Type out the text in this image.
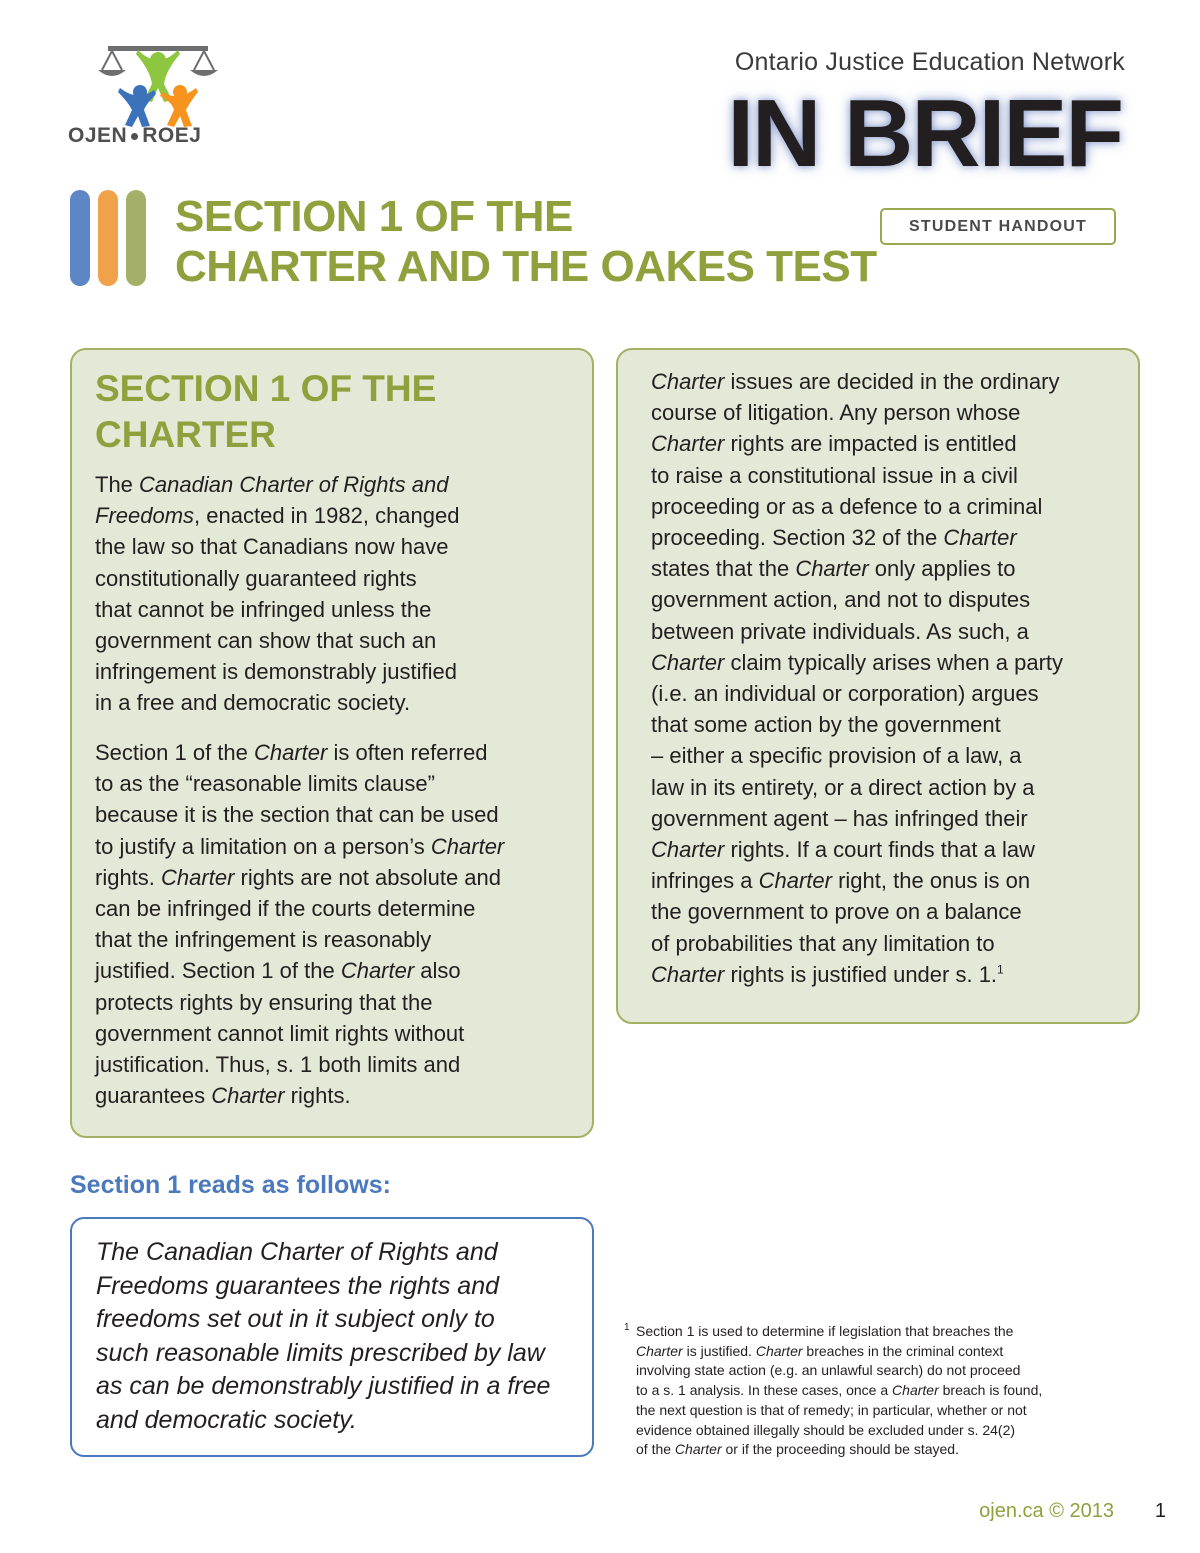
OJEN ROEJ
Ontario Justice Education Network
IN BRIEF
STUDENT HANDOUT
SECTION 1 OF THE
CHARTER AND THE OAKES TEST
SECTION 1 OF THE
CHARTER
The Canadian Charter of Rights and
Freedoms, enacted in 1982, changed
the law so that Canadians now have
constitutionally guaranteed rights
that cannot be infringed unless the
government can show that such an
infringement is demonstrably justified
in a free and democratic society.
Section 1 of the Charter is often referred
to as the “reasonable limits clause”
because it is the section that can be used
to justify a limitation on a person’s Charter
rights. Charter rights are not absolute and
can be infringed if the courts determine
that the infringement is reasonably
justified. Section 1 of the Charter also
protects rights by ensuring that the
government cannot limit rights without
justification. Thus, s. 1 both limits and
guarantees Charter rights.
Charter issues are decided in the ordinary
course of litigation. Any person whose
Charter rights are impacted is entitled
to raise a constitutional issue in a civil
proceeding or as a defence to a criminal
proceeding. Section 32 of the Charter
states that the Charter only applies to
government action, and not to disputes
between private individuals. As such, a
Charter claim typically arises when a party
(i.e. an individual or corporation) argues
that some action by the government
– either a specific provision of a law, a
law in its entirety, or a direct action by a
government agent – has infringed their
Charter rights. If a court finds that a law
infringes a Charter right, the onus is on
the government to prove on a balance
of probabilities that any limitation to
Charter rights is justified under s. 1.$^1$
Section 1 reads as follows:
The Canadian Charter of Rights and
Freedoms guarantees the rights and
freedoms set out in it subject only to
such reasonable limits prescribed by law
as can be demonstrably justified in a free
and democratic society.
1 Section 1 is used to determine if legislation that breaches the
Charter is justified. Charter breaches in the criminal context
involving state action (e.g. an unlawful search) do not proceed
to a s. 1 analysis. In these cases, once a Charter breach is found,
the next question is that of remedy; in particular, whether or not
evidence obtained illegally should be excluded under s. 24(2)
of the Charter or if the proceeding should be stayed.
ojen.ca © 2013 1
